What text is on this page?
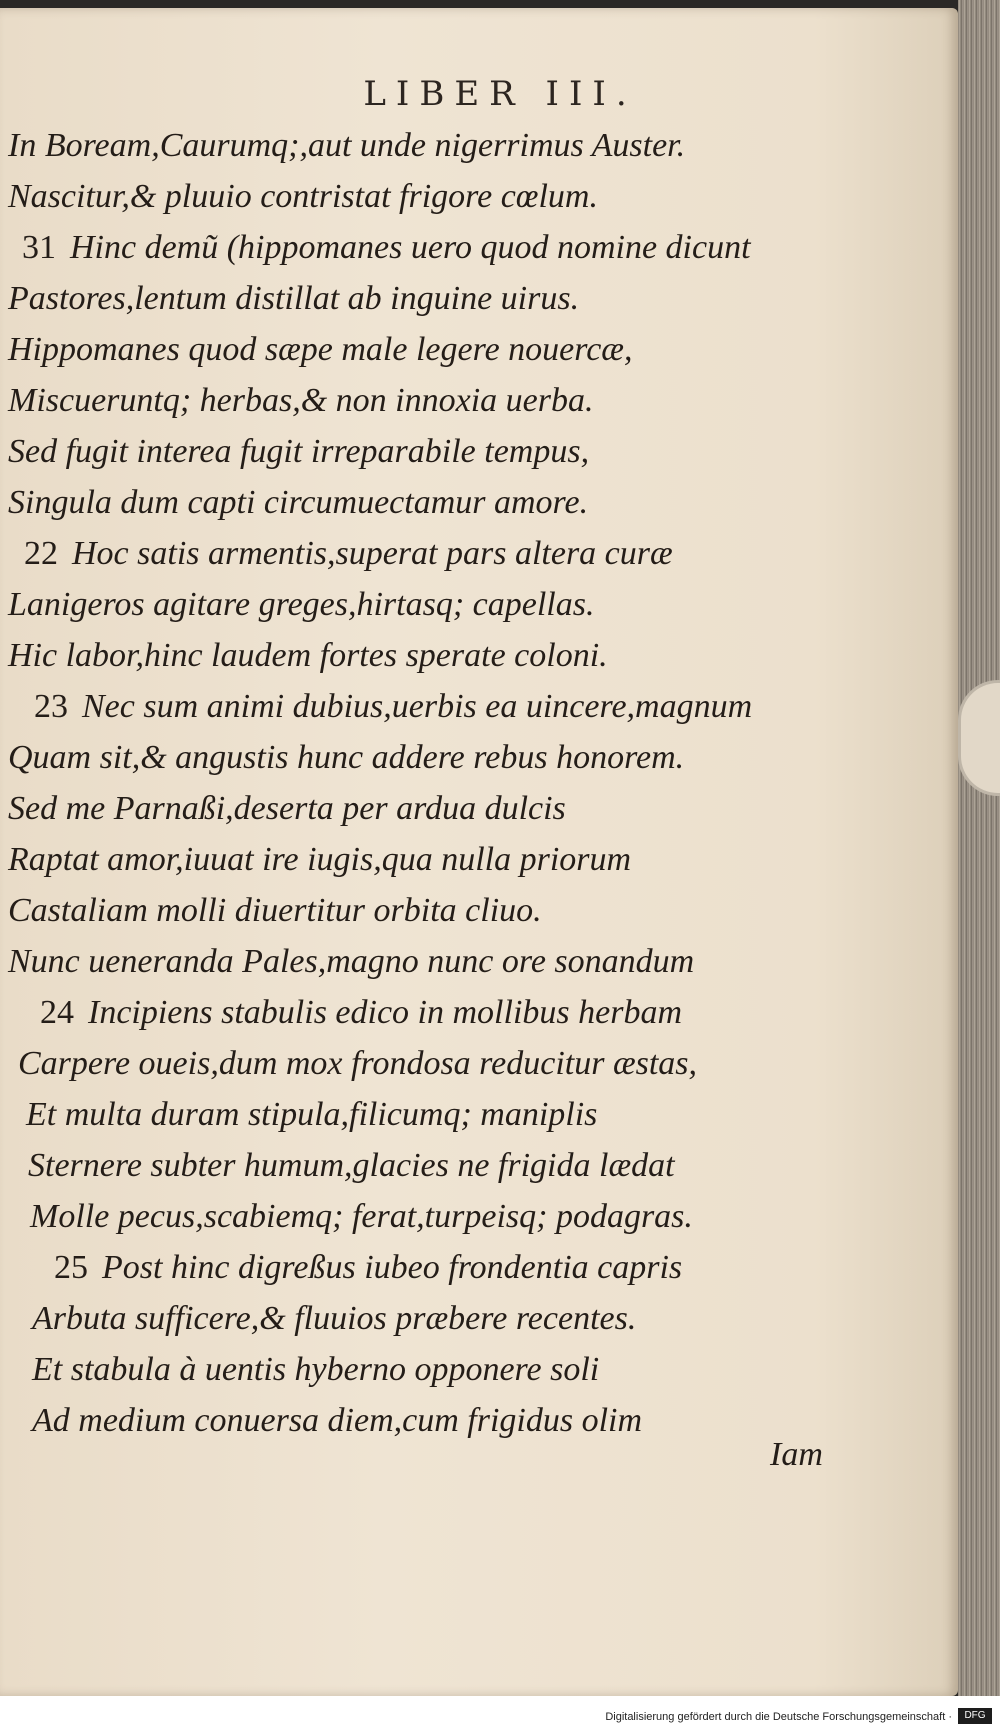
LIBER III.
In Boream,Caurumq;,aut unde nigerrimus Auster.
Nascitur,& pluuio contristat frigore cœlum.
31 Hinc demũ (hippomanes uero quod nomine dicunt
Pastores,lentum distillat ab inguine uirus.
Hippomanes quod sæpe male legere nouercæ,
Miscueruntq; herbas,& non innoxia uerba.
Sed fugit interea fugit irreparabile tempus,
Singula dum capti circumuectamur amore.
22 Hoc satis armentis,superat pars altera curæ
Lanigeros agitare greges,hirtasq; capellas.
Hic labor,hinc laudem fortes sperate coloni.
23 Nec sum animi dubius,uerbis ea uincere,magnum
Quam sit,& angustis hunc addere rebus honorem.
Sed me Parnaßi,deserta per ardua dulcis
Raptat amor,iuuat ire iugis,qua nulla priorum
Castaliam molli diuertitur orbita cliuo.
Nunc ueneranda Pales,magno nunc ore sonandum
24 Incipiens stabulis edico in mollibus herbam
Carpere oueis,dum mox frondosa reducitur æstas,
Et multa duram stipula,filicumq; maniplis
Sternere subter humum,glacies ne frigida lædat
Molle pecus,scabiemq; ferat,turpeisq; podagras.
25 Post hinc digreßus iubeo frondentia capris
Arbuta sufficere,& fluuios præbere recentes.
Et stabula à uentis hyberno opponere soli
Ad medium conuersa diem,cum frigidus olim
Iam
Digitalisierung gefördert durch die Deutsche Forschungsgemeinschaft ·	DFG
